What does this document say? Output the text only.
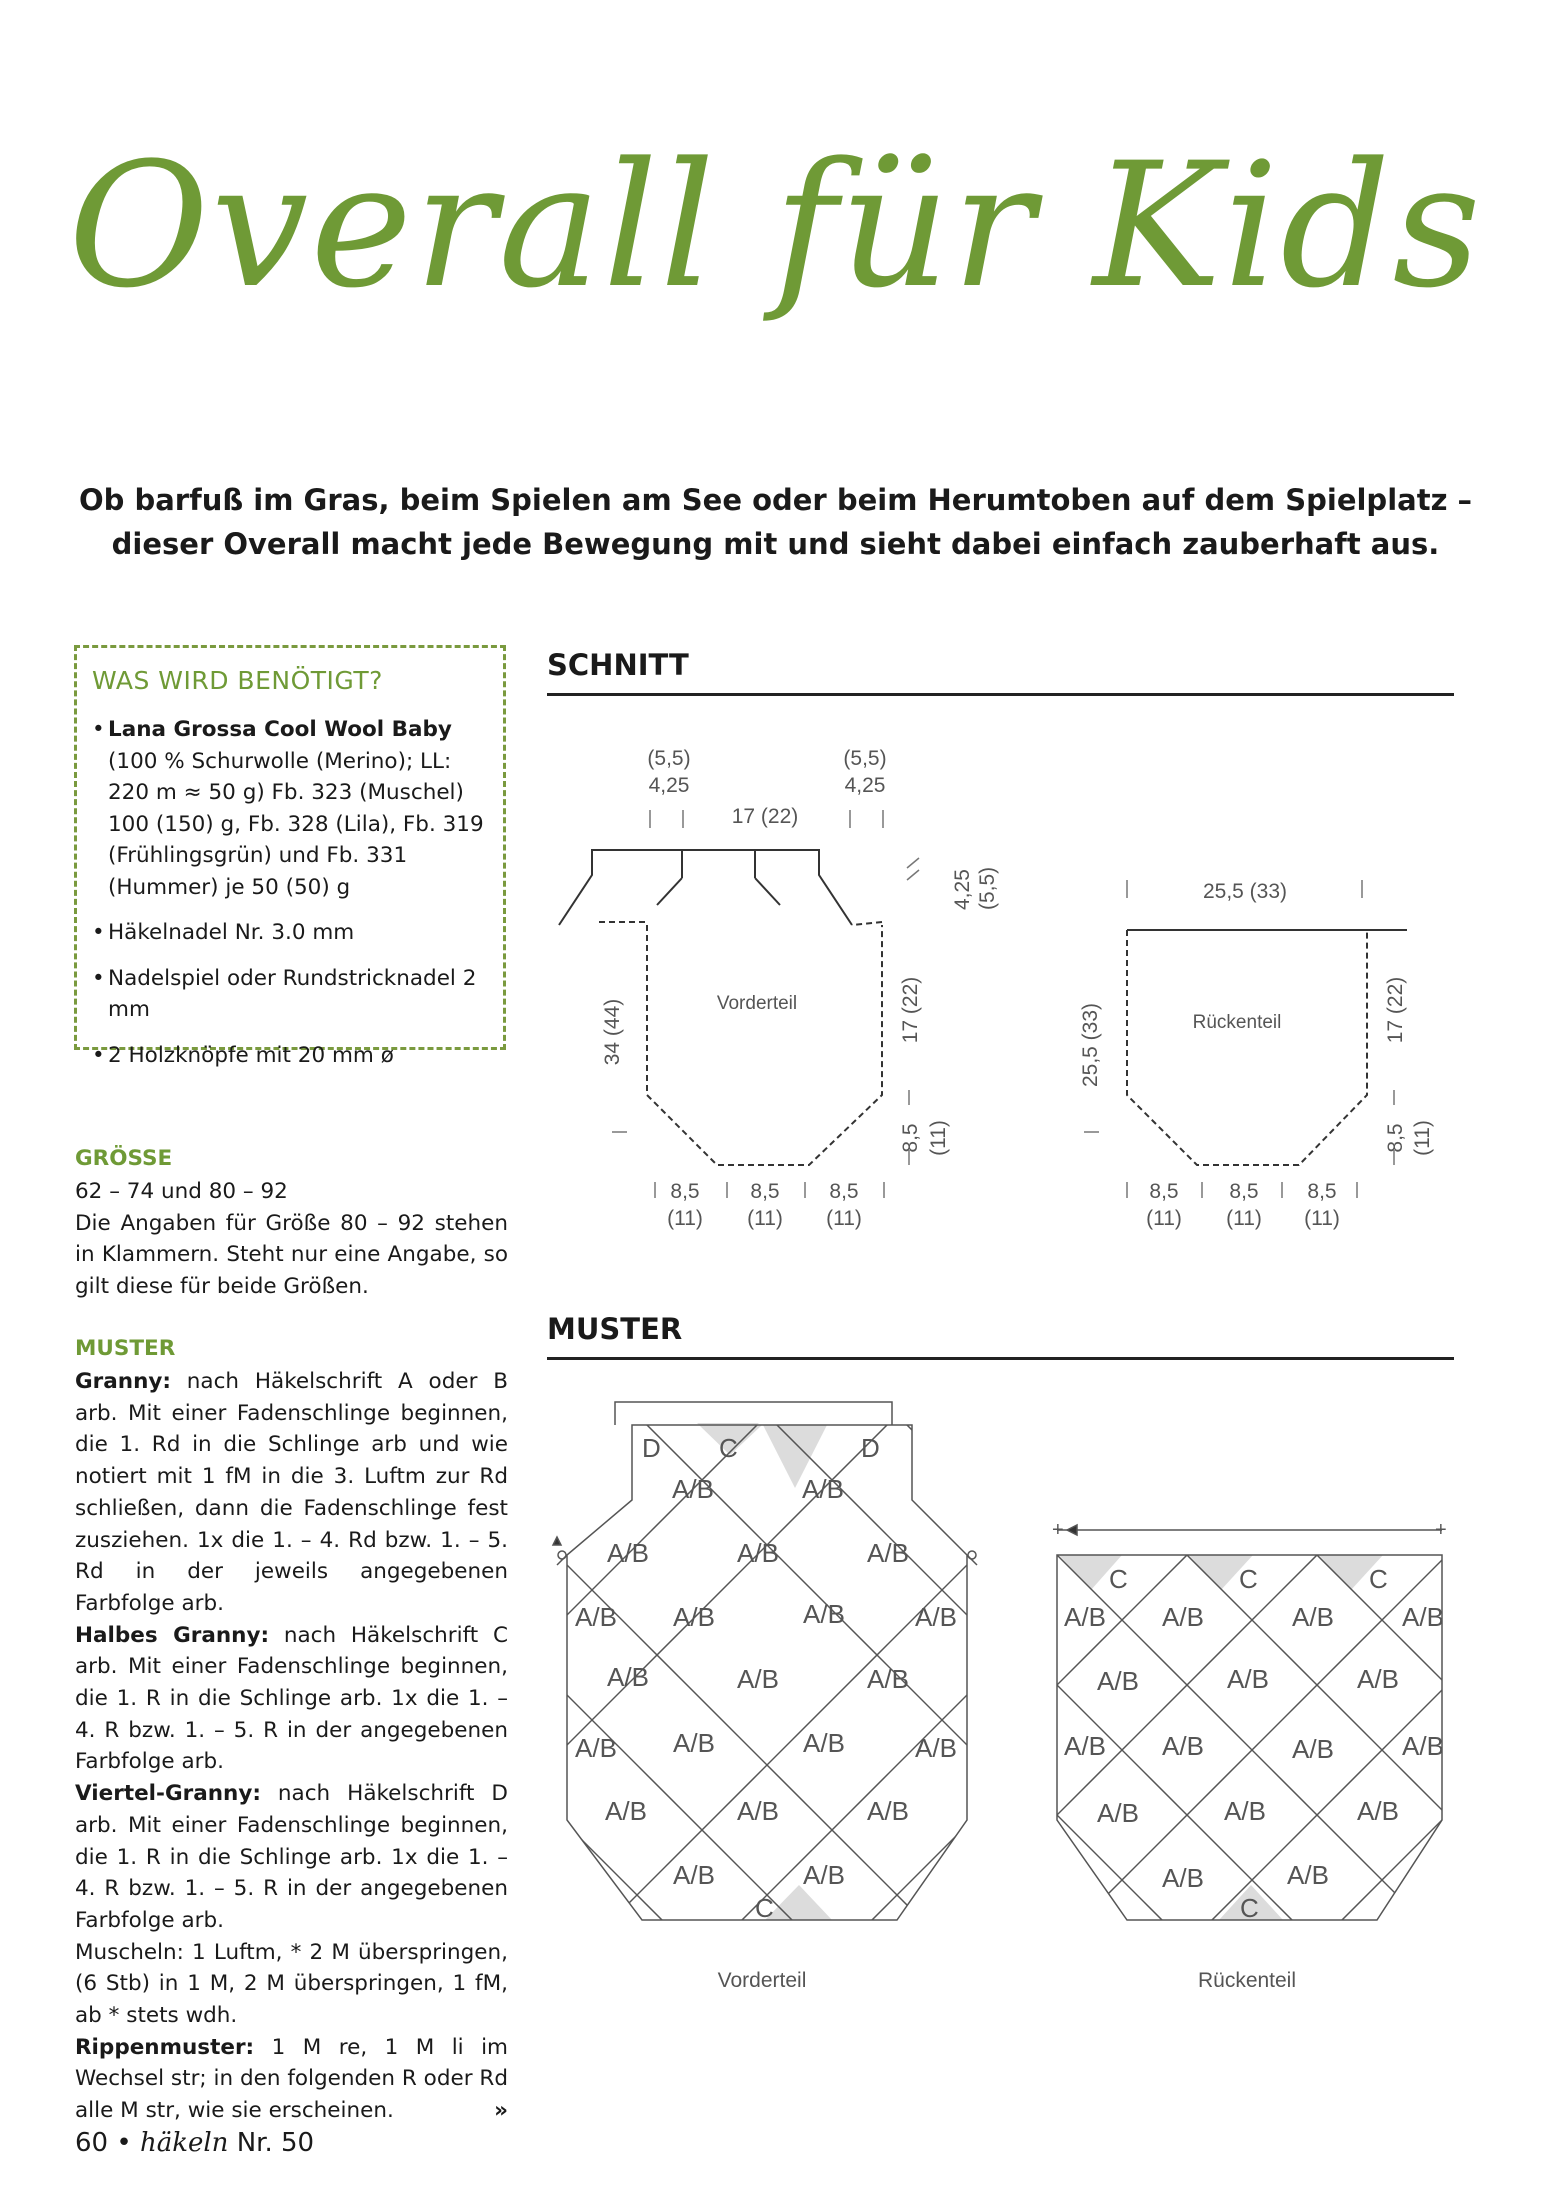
Overall für Kids
Ob barfuß im Gras, beim Spielen am See oder beim Herumtoben auf dem Spielplatz – dieser Overall macht jede Bewegung mit und sieht dabei einfach zauberhaft aus.
WAS WIRD BENÖTIGT?
• Lana Grossa Cool Wool Baby (100 % Schurwolle (Merino); LL: 220 m ≈ 50 g) Fb. 323 (Muschel) 100 (150) g, Fb. 328 (Lila), Fb. 319 (Frühlingsgrün) und Fb. 331 (Hummer) je 50 (50) g
• Häkelnadel Nr. 3.0 mm
• Nadelspiel oder Rundstricknadel 2 mm
• 2 Holzknöpfe mit 20 mm ø
GRÖSSE

62 – 74 und 80 – 92

Die Angaben für Größe 80 – 92 stehen in Klammern. Steht nur eine Angabe, so gilt diese für beide Größen.

MUSTER

Granny: nach Häkelschrift A oder B arb. Mit einer Fadenschlinge beginnen, die 1. Rd in die Schlinge arb und wie notiert mit 1 fM in die 3. Luftm zur Rd schließen, dann die Fadenschlinge fest zusziehen. 1x die 1. – 4. Rd bzw. 1. – 5. Rd in der jeweils angegebenen Farbfolge arb.

Halbes Granny: nach Häkelschrift C arb. Mit einer Fadenschlinge beginnen, die 1. R in die Schlinge arb. 1x die 1. – 4. R bzw. 1. – 5. R in der angegebenen Farbfolge arb.

Viertel-Granny: nach Häkelschrift D arb. Mit einer Fadenschlinge beginnen, die 1. R in die Schlinge arb. 1x die 1. – 4. R bzw. 1. – 5. R in der angegebenen Farbfolge arb.

Muscheln: 1 Luftm, * 2 M überspringen, (6 Stb) in 1 M, 2 M überspringen, 1 fM, ab * stets wdh.

Rippenmuster: 1 M re, 1 M li im Wechsel str; in den folgenden R oder Rd alle M str, wie sie erscheinen.	»

SCHNITT
(5,5)
4,25
(5,5)
4,25
17 (22)
4,25 (5,5)
Vorderteil
34 (44)	17 (22)
8,5 (11)
8,5
(11)
8,5
(11)
8,5
(11)
25,5 (33)
Rückenteil
25,5 (33)	17 (22)
8,5 (11)
8,5
(11)
8,5
(11)
8,5
(11)
MUSTER
+	+
D C	D
A/B	A/B
A/B	A/B	A/B
A/B A/B	A/B	A/B
A/B	A/B	A/B
A/B A/B	A/B	A/B
A/B	A/B	A/B
A/B	A/B
C
Vorderteil
C	C	C
A/B A/B	A/B	A/B
A/B	A/B	A/B
A/B A/B	A/B	A/B
A/B	A/B	A/B
A/B	A/B
C
Rückenteil
60 • häkeln Nr. 50
